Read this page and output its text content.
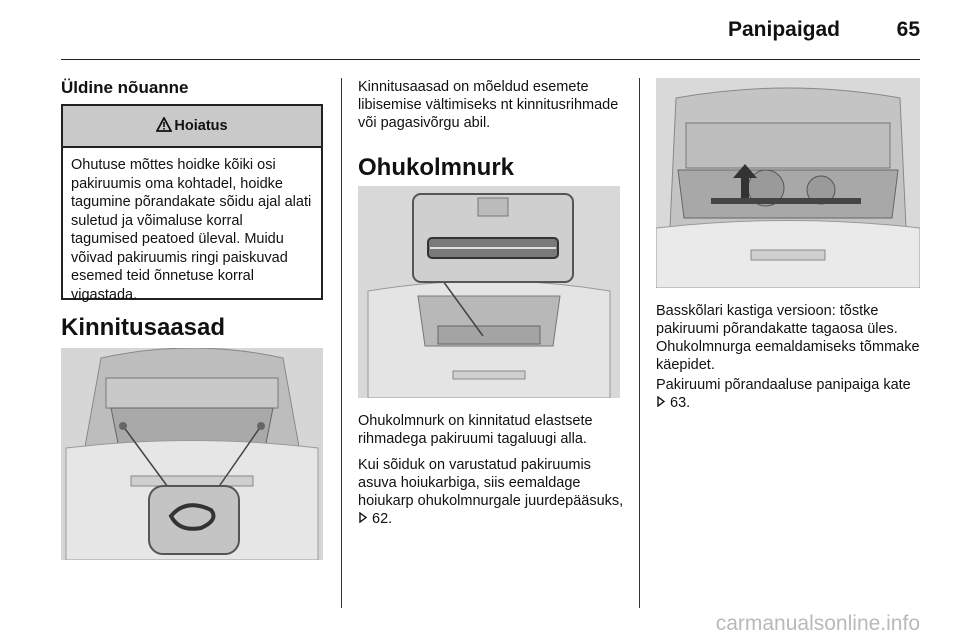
Panipaigad	65
Üldine nõuanne
Hoiatus
Ohutuse mõttes hoidke kõiki osi pakiruumis oma kohtadel, hoidke tagumine põrandakate sõidu ajal alati suletud ja võimaluse korral tagumised peatoed üleval. Muidu võivad pakiruumis ringi paiskuvad esemed teid õnnetuse korral vigastada.
Kinnitusaasad
Kinnitusaasad on mõeldud esemete libisemise vältimiseks nt kinnitusrihmade või pagasivõrgu abil.
Ohukolmnurk
Ohukolmnurk on kinnitatud elastsete rihmadega pakiruumi tagaluugi alla.
Kui sõiduk on varustatud pakiruumis asuva hoiukarbiga, siis eemaldage hoiukarp ohukolmnurgale juurdepääsuks,  62.
Basskõlari kastiga versioon: tõstke pakiruumi põrandakatte tagaosa üles. Ohukolmnurga eemaldamiseks tõmmake käepidet.
Pakiruumi põrandaaluse panipaiga kate  63.
carmanualsonline.info
